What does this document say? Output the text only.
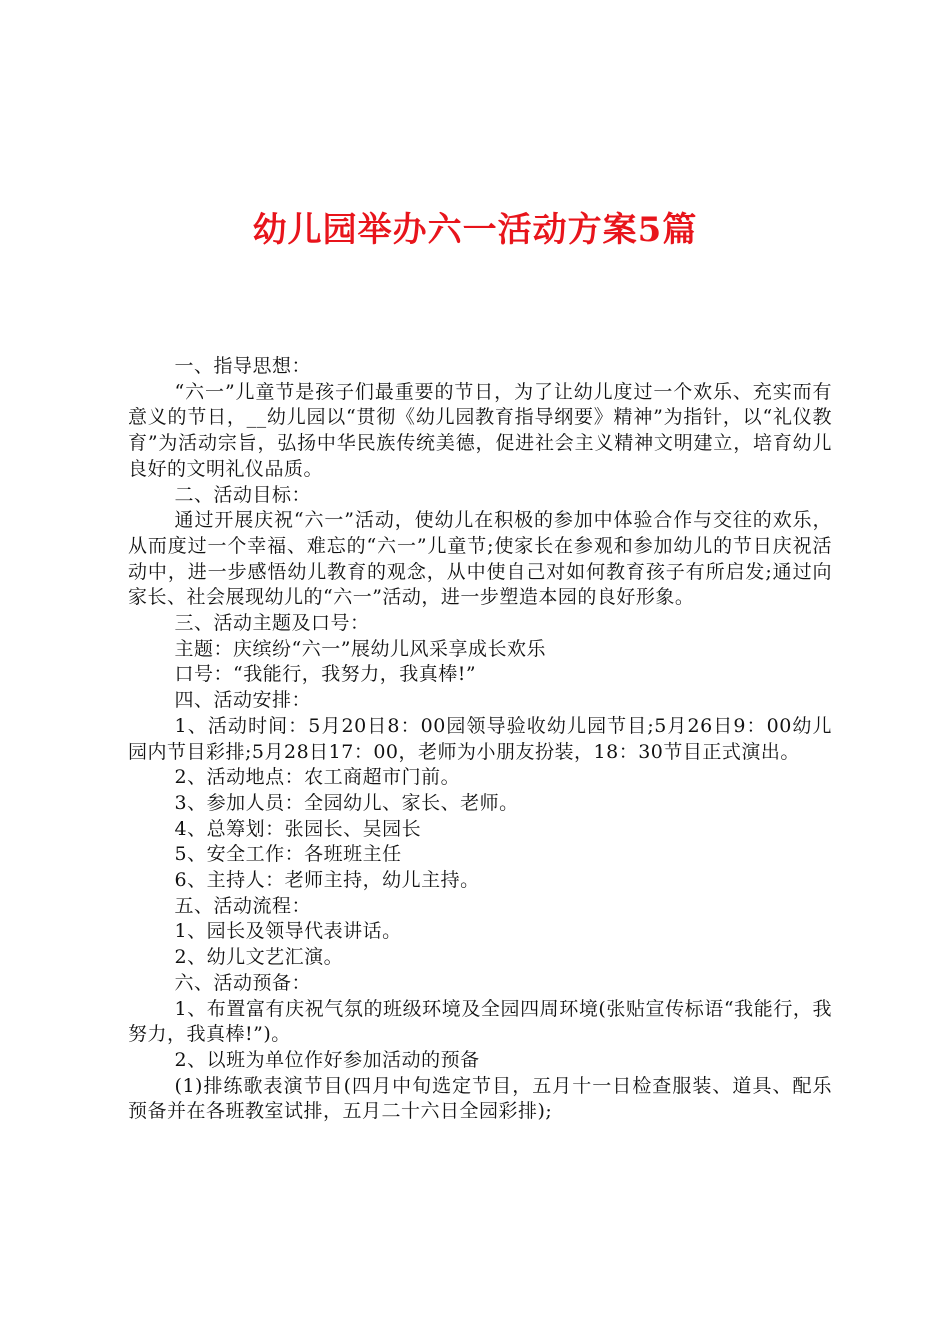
幼儿园举办六一活动方案5篇

一、指导思想：

“六一”儿童节是孩子们最重要的节日，为了让幼儿度过一个欢乐、充实而有意义的节日，__幼儿园以“贯彻《幼儿园教育指导纲要》精神”为指针，以“礼仪教育”为活动宗旨，弘扬中华民族传统美德，促进社会主义精神文明建立，培育幼儿良好的文明礼仪品质。

二、活动目标：

通过开展庆祝“六一”活动，使幼儿在积极的参加中体验合作与交往的欢乐，从而度过一个幸福、难忘的“六一”儿童节;使家长在参观和参加幼儿的节日庆祝活动中，进一步感悟幼儿教育的观念，从中使自己对如何教育孩子有所启发;通过向家长、社会展现幼儿的“六一”活动，进一步塑造本园的良好形象。

三、活动主题及口号：

主题：庆缤纷“六一”展幼儿风采享成长欢乐

口号：“我能行，我努力，我真棒!”

四、活动安排：

1、活动时间：5月20日8：00园领导验收幼儿园节目;5月26日9：00幼儿园内节目彩排;5月28日17：00，老师为小朋友扮装，18：30节目正式演出。

2、活动地点：农工商超市门前。

3、参加人员：全园幼儿、家长、老师。

4、总筹划：张园长、吴园长

5、安全工作：各班班主任

6、主持人：老师主持，幼儿主持。

五、活动流程：

1、园长及领导代表讲话。

2、幼儿文艺汇演。

六、活动预备：

1、布置富有庆祝气氛的班级环境及全园四周环境(张贴宣传标语“我能行，我努力，我真棒!”)。

2、以班为单位作好参加活动的预备

(1)排练歌表演节目(四月中旬选定节目，五月十一日检查服装、道具、配乐预备并在各班教室试排，五月二十六日全园彩排);
